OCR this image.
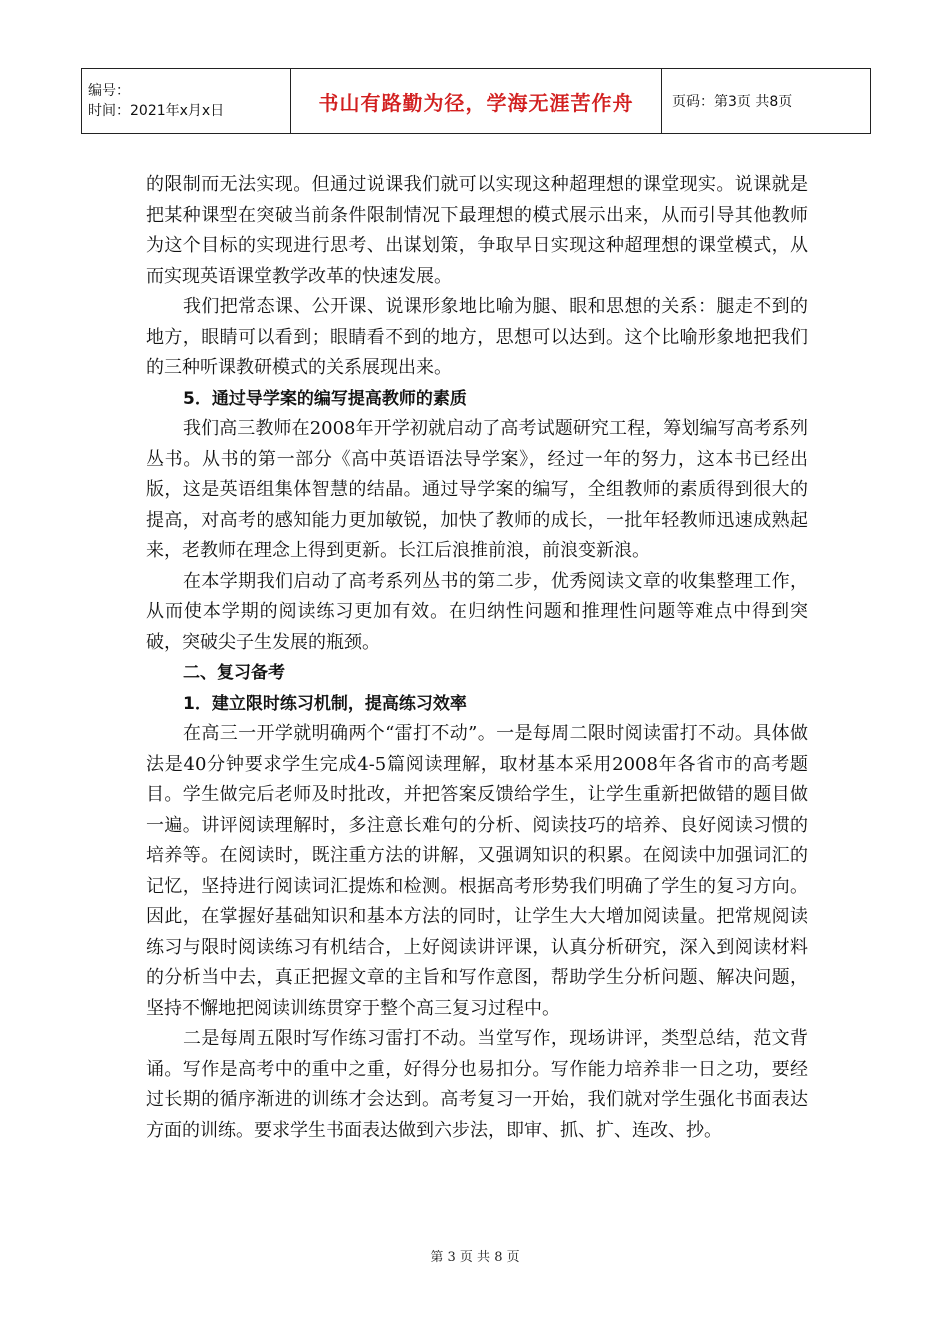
编号：
时间：2021年x月x日	书山有路勤为径，学海无涯苦作舟	页码：第3页 共8页

的限制而无法实现。但通过说课我们就可以实现这种超理想的课堂现实。说课就是把某种课型在突破当前条件限制情况下最理想的模式展示出来，从而引导其他教师为这个目标的实现进行思考、出谋划策，争取早日实现这种超理想的课堂模式，从而实现英语课堂教学改革的快速发展。

我们把常态课、公开课、说课形象地比喻为腿、眼和思想的关系：腿走不到的地方，眼睛可以看到；眼睛看不到的地方，思想可以达到。这个比喻形象地把我们的三种听课教研模式的关系展现出来。

5．通过导学案的编写提高教师的素质

我们高三教师在2008年开学初就启动了高考试题研究工程，筹划编写高考系列丛书。从书的第一部分《高中英语语法导学案》，经过一年的努力，这本书已经出版，这是英语组集体智慧的结晶。通过导学案的编写，全组教师的素质得到很大的提高，对高考的感知能力更加敏锐，加快了教师的成长，一批年轻教师迅速成熟起来，老教师在理念上得到更新。长江后浪推前浪，前浪变新浪。

在本学期我们启动了高考系列丛书的第二步，优秀阅读文章的收集整理工作，从而使本学期的阅读练习更加有效。在归纳性问题和推理性问题等难点中得到突破，突破尖子生发展的瓶颈。

二、复习备考

1．建立限时练习机制，提高练习效率

在高三一开学就明确两个“雷打不动”。一是每周二限时阅读雷打不动。具体做法是40分钟要求学生完成4-5篇阅读理解，取材基本采用2008年各省市的高考题目。学生做完后老师及时批改，并把答案反馈给学生，让学生重新把做错的题目做一遍。讲评阅读理解时，多注意长难句的分析、阅读技巧的培养、良好阅读习惯的培养等。在阅读时，既注重方法的讲解，又强调知识的积累。在阅读中加强词汇的记忆，坚持进行阅读词汇提炼和检测。根据高考形势我们明确了学生的复习方向。因此，在掌握好基础知识和基本方法的同时，让学生大大增加阅读量。把常规阅读练习与限时阅读练习有机结合，上好阅读讲评课，认真分析研究，深入到阅读材料的分析当中去，真正把握文章的主旨和写作意图，帮助学生分析问题、解决问题，坚持不懈地把阅读训练贯穿于整个高三复习过程中。

二是每周五限时写作练习雷打不动。当堂写作，现场讲评，类型总结，范文背诵。写作是高考中的重中之重，好得分也易扣分。写作能力培养非一日之功，要经过长期的循序渐进的训练才会达到。高考复习一开始，我们就对学生强化书面表达方面的训练。要求学生书面表达做到六步法，即审、抓、扩、连改、抄。

第 3 页 共 8 页
